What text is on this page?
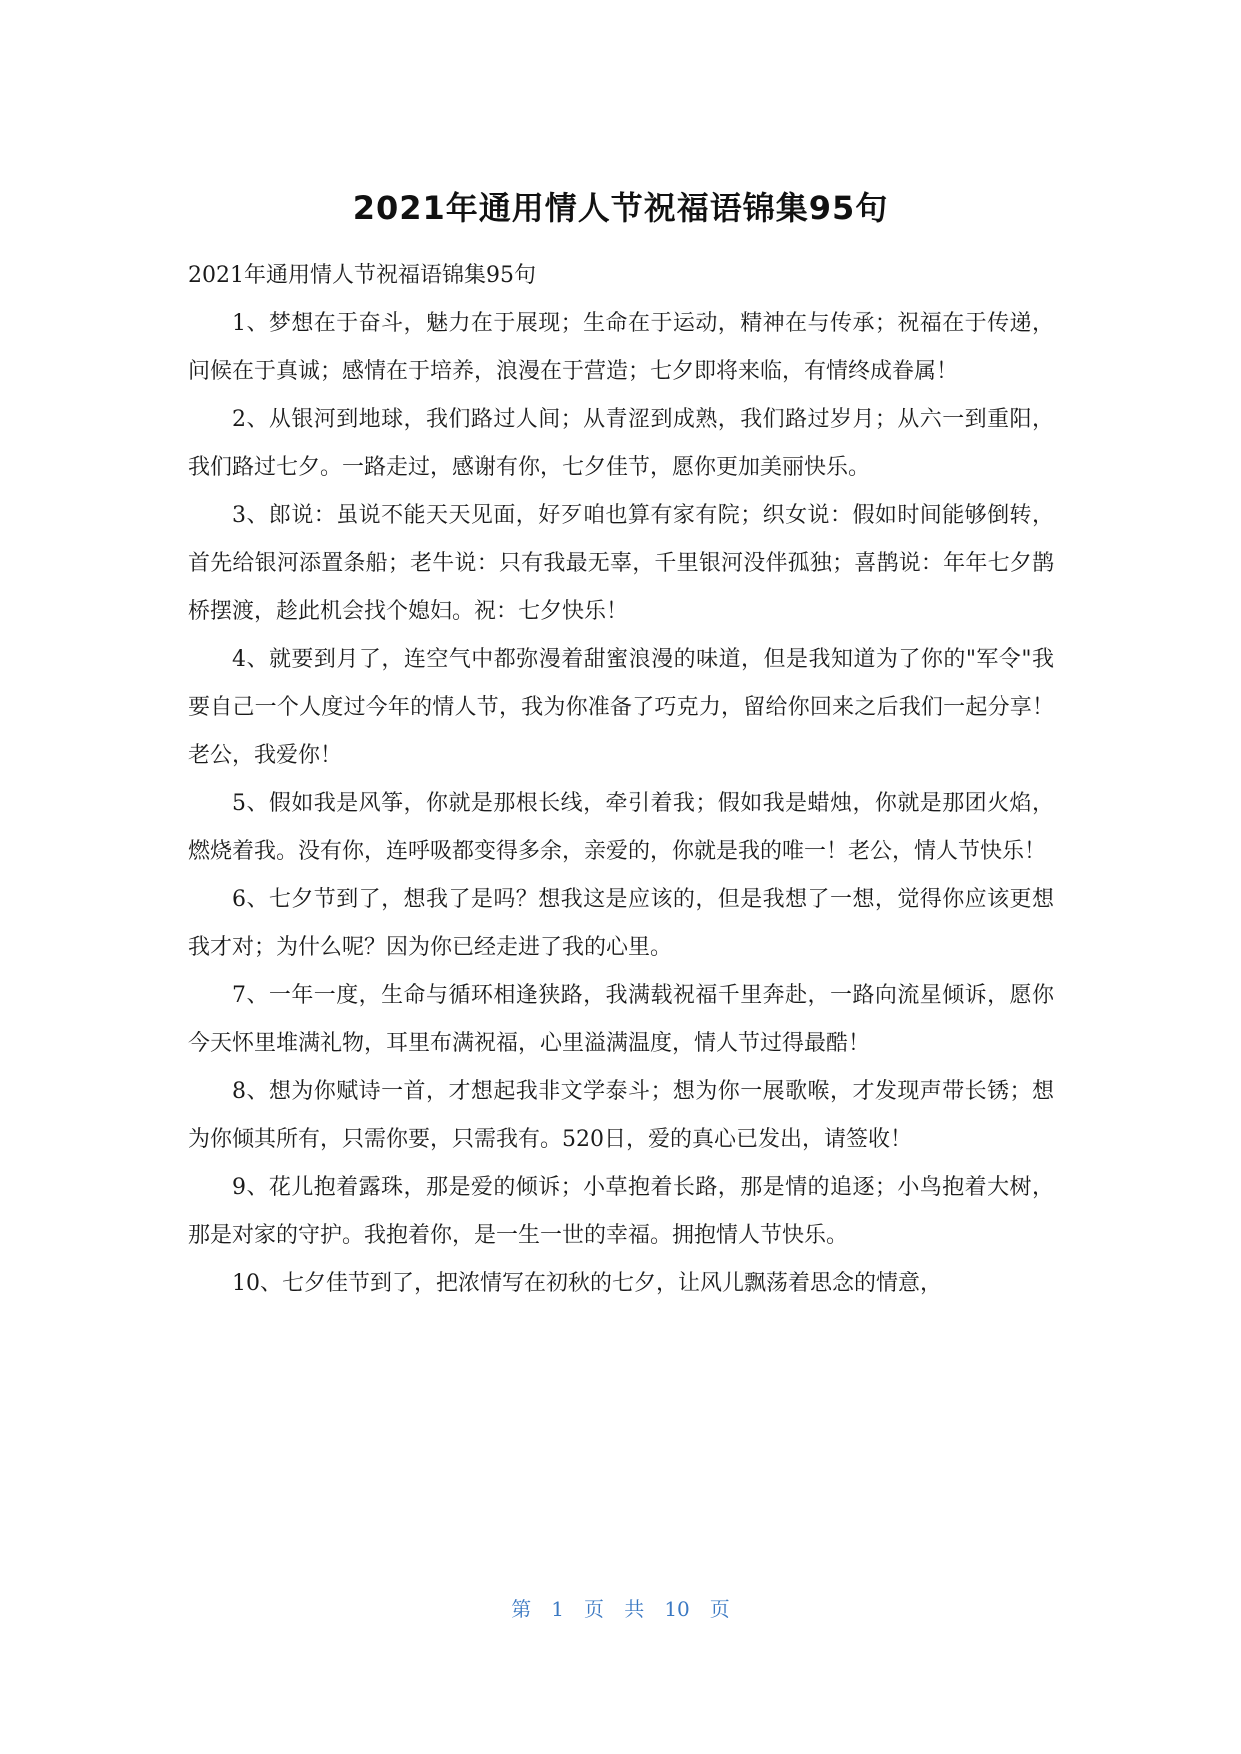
2021年通用情人节祝福语锦集95句

2021年通用情人节祝福语锦集95句

1、梦想在于奋斗，魅力在于展现；生命在于运动，精神在与传承；祝福在于传递，问候在于真诚；感情在于培养，浪漫在于营造；七夕即将来临，有情终成眷属！

2、从银河到地球，我们路过人间；从青涩到成熟，我们路过岁月；从六一到重阳，我们路过七夕。一路走过，感谢有你，七夕佳节，愿你更加美丽快乐。

3、郎说：虽说不能天天见面，好歹咱也算有家有院；织女说：假如时间能够倒转，首先给银河添置条船；老牛说：只有我最无辜，千里银河没伴孤独；喜鹊说：年年七夕鹊桥摆渡，趁此机会找个媳妇。祝：七夕快乐！

4、就要到月了，连空气中都弥漫着甜蜜浪漫的味道，但是我知道为了你的"军令"我要自己一个人度过今年的情人节，我为你准备了巧克力，留给你回来之后我们一起分享！老公，我爱你！

5、假如我是风筝，你就是那根长线，牵引着我；假如我是蜡烛，你就是那团火焰，燃烧着我。没有你，连呼吸都变得多余，亲爱的，你就是我的唯一！老公，情人节快乐！

6、七夕节到了，想我了是吗？想我这是应该的，但是我想了一想，觉得你应该更想我才对；为什么呢？因为你已经走进了我的心里。

7、一年一度，生命与循环相逢狭路，我满载祝福千里奔赴，一路向流星倾诉，愿你今天怀里堆满礼物，耳里布满祝福，心里溢满温度，情人节过得最酷！

8、想为你赋诗一首，才想起我非文学泰斗；想为你一展歌喉，才发现声带长锈；想为你倾其所有，只需你要，只需我有。520日，爱的真心已发出，请签收！

9、花儿抱着露珠，那是爱的倾诉；小草抱着长路，那是情的追逐；小鸟抱着大树，那是对家的守护。我抱着你，是一生一世的幸福。拥抱情人节快乐。

10、七夕佳节到了，把浓情写在初秋的七夕，让风儿飘荡着思念的情意，

第 1 页 共 10 页
